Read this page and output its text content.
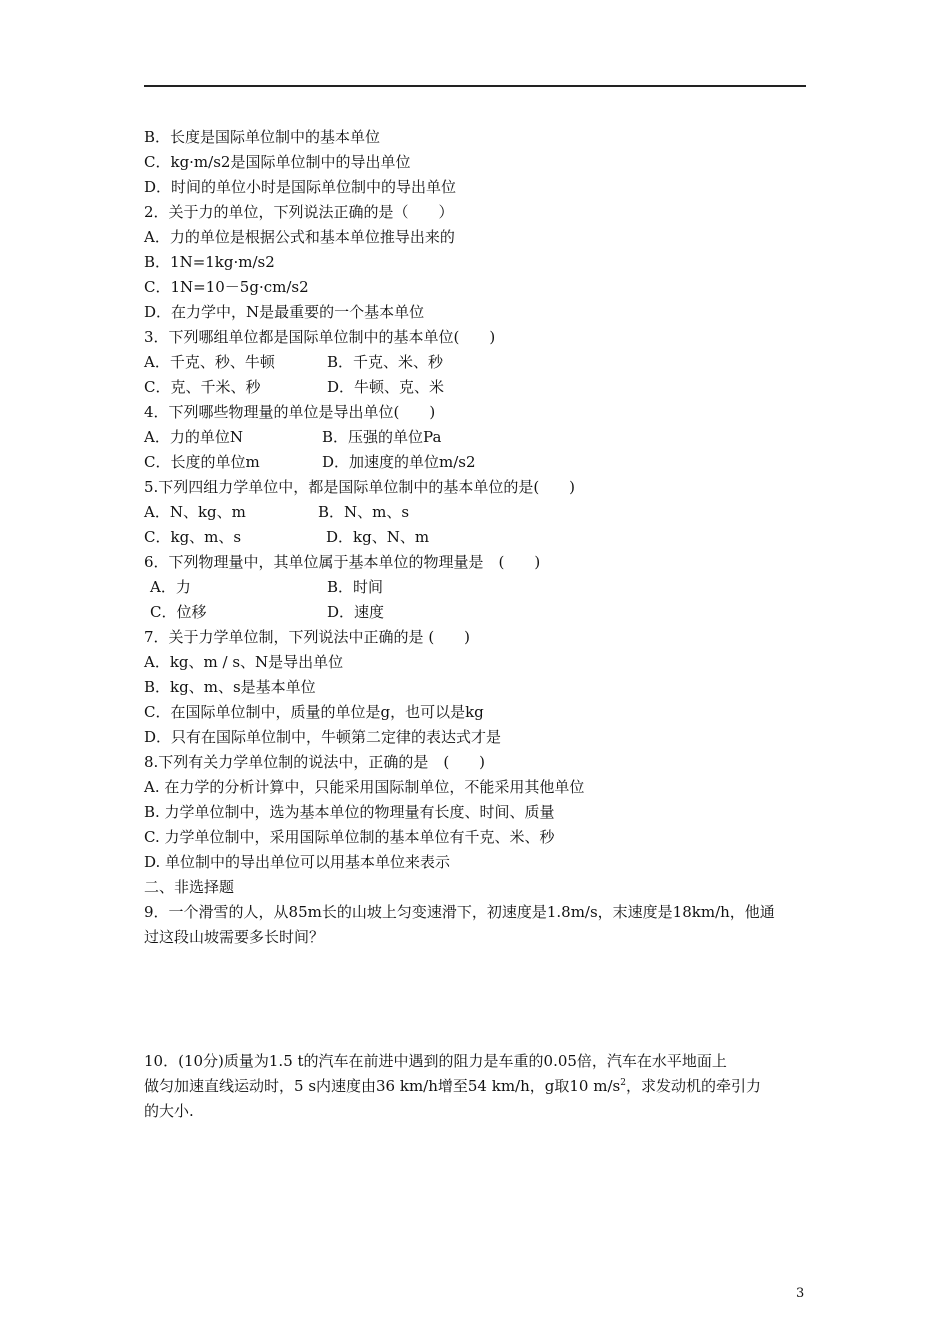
B．长度是国际单位制中的基本单位
C．kg·m/s2是国际单位制中的导出单位
D．时间的单位小时是国际单位制中的导出单位
2．关于力的单位，下列说法正确的是（　　）
A．力的单位是根据公式和基本单位推导出来的
B．1N=1kg·m/s2
C．1N=10－5g·cm/s2
D．在力学中，N是最重要的一个基本单位
3．下列哪组单位都是国际单位制中的基本单位(　　)
A．千克、秒、牛顿	B．千克、米、秒
C．克、千米、秒	D．牛顿、克、米
4．下列哪些物理量的单位是导出单位(　　)
A．力的单位N	B．压强的单位Pa
C．长度的单位m	D．加速度的单位m/s2
5.下列四组力学单位中，都是国际单位制中的基本单位的是(　　)
A．N、kg、m	B．N、m、s
C．kg、m、s	D．kg、N、m
6．下列物理量中，其单位属于基本单位的物理量是　(　　)
A．力	B．时间
C．位移	D．速度
7．关于力学单位制，下列说法中正确的是 (　　)
A．kg、m / s、N是导出单位
B．kg、m、s是基本单位
C．在国际单位制中，质量的单位是g，也可以是kg
D．只有在国际单位制中，牛顿第二定律的表达式才是
8.下列有关力学单位制的说法中，正确的是　(　　)
A. 在力学的分析计算中，只能采用国际制单位，不能采用其他单位
B. 力学单位制中，选为基本单位的物理量有长度、时间、质量
C. 力学单位制中，采用国际单位制的基本单位有千克、米、秒
D. 单位制中的导出单位可以用基本单位来表示
二、非选择题
9．一个滑雪的人，从85m长的山坡上匀变速滑下，初速度是1.8m/s，末速度是18km/h，他通
过这段山坡需要多长时间？
10．(10分)质量为1.5 t的汽车在前进中遇到的阻力是车重的0.05倍，汽车在水平地面上
做匀加速直线运动时，5 s内速度由36 km/h增至54 km/h，g取10 $m/s^2$，求发动机的牵引力
的大小.
3
